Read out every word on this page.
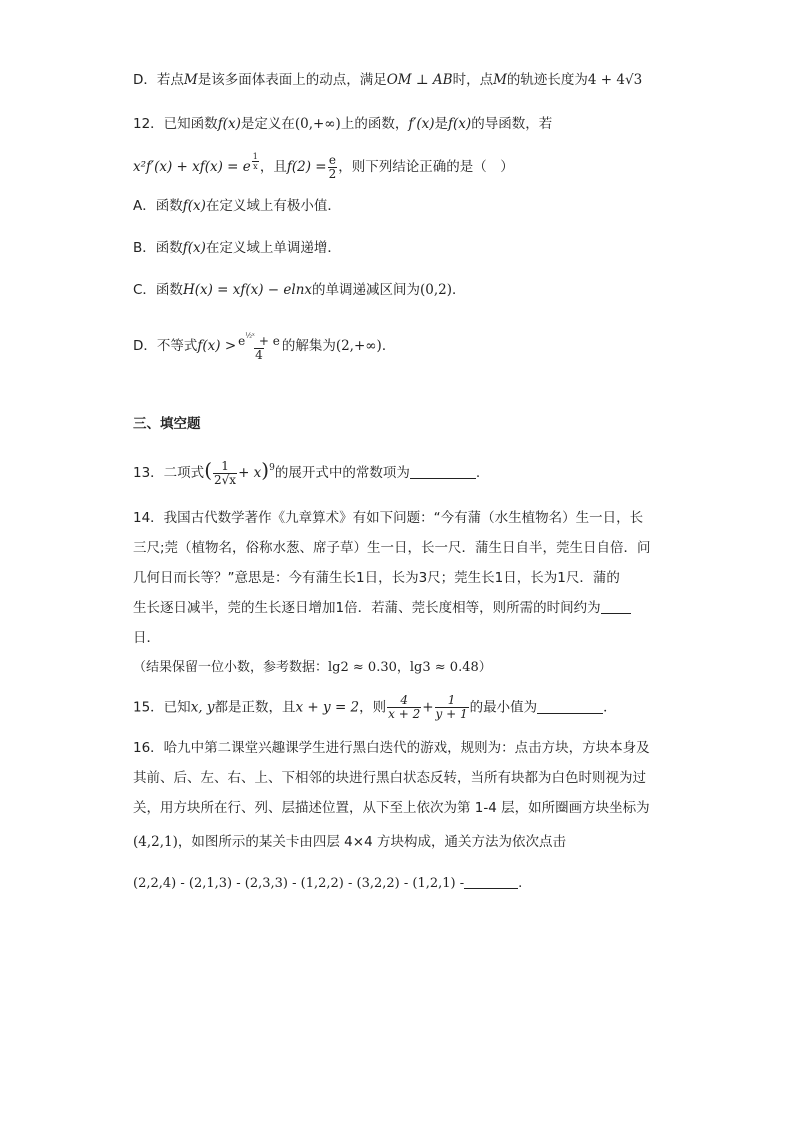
D．若点M是该多面体表面上的动点，满足OM ⊥ AB时，点M的轨迹长度为4 + 4√3
12．已知函数f(x)是定义在(0,+∞)上的函数，f′(x)是f(x)的导函数，若
x²f′(x) + xf(x) = e $^{\frac{1}{x}}$ ，且$f(2) = \frac{e}{2}$ ，则下列结论正确的是（　）
A．函数f(x)在定义域上有极小值．
B．函数f(x)在定义域上单调递增．
C．函数H(x) = xf(x) − elnx的单调递减区间为(0,2)．
D．不等式$f(x) > \frac{e^{\frac{1}{2}ˣ} + e}{4}$ 的解集为(2,+∞)．
三、填空题
13．二项式( $\frac{1}{2√x} + x)^9$的展开式中的常数项为	.
14．我国古代数学著作《九章算术》有如下问题：“今有蒲（水生植物名）生一日，长
三尺;莞（植物名，俗称水葱、席子草）生一日，长一尺．蒲生日自半，莞生日自倍．问
几何日而长等？”意思是：今有蒲生长1日，长为3尺；莞生长1日，长为1尺．蒲的
生长逐日减半，莞的生长逐日增加1倍．若蒲、莞长度相等，则所需的时间约为
日．
（结果保留一位小数，参考数据：lg2 ≈ 0.30，lg3 ≈ 0.48）
15．已知x, y都是正数，且x + y = 2，则 $\frac{4}{x + 2} + \frac{1}{y + 1}$ 的最小值为	．
16．哈九中第二课堂兴趣课学生进行黑白迭代的游戏，规则为：点击方块，方块本身及
其前、后、左、右、上、下相邻的块进行黑白状态反转，当所有块都为白色时则视为过
关，用方块所在行、列、层描述位置，从下至上依次为第 1-4 层，如所圈画方块坐标为
(4,2,1)，如图所示的某关卡由四层 4×4 方块构成，通关方法为依次点击
(2,2,4) - (2,1,3) - (2,3,3) - (1,2,2) - (3,2,2) - (1,2,1) -	.
